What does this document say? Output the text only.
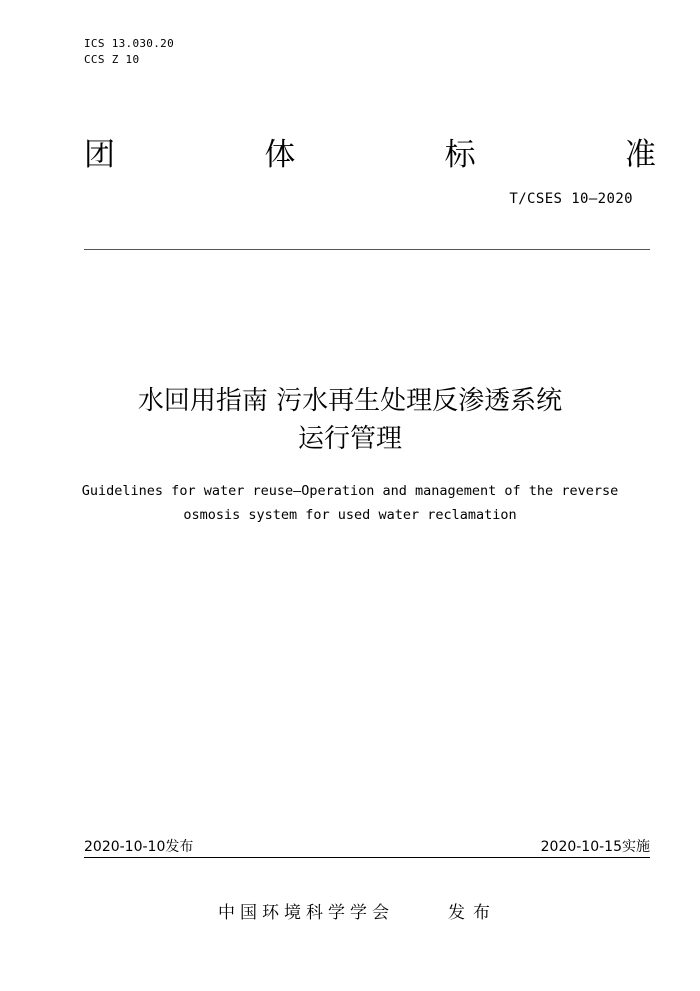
ICS 13.030.20
CCS Z 10
团	体	标	准
T/CSES 10—2020
水回用指南 污水再生处理反渗透系统
运行管理
Guidelines for water reuse—Operation and management of the reverse
osmosis system for used water reclamation
2020-10-10发布	2020-10-15实施
中国环境科学学会	发布
